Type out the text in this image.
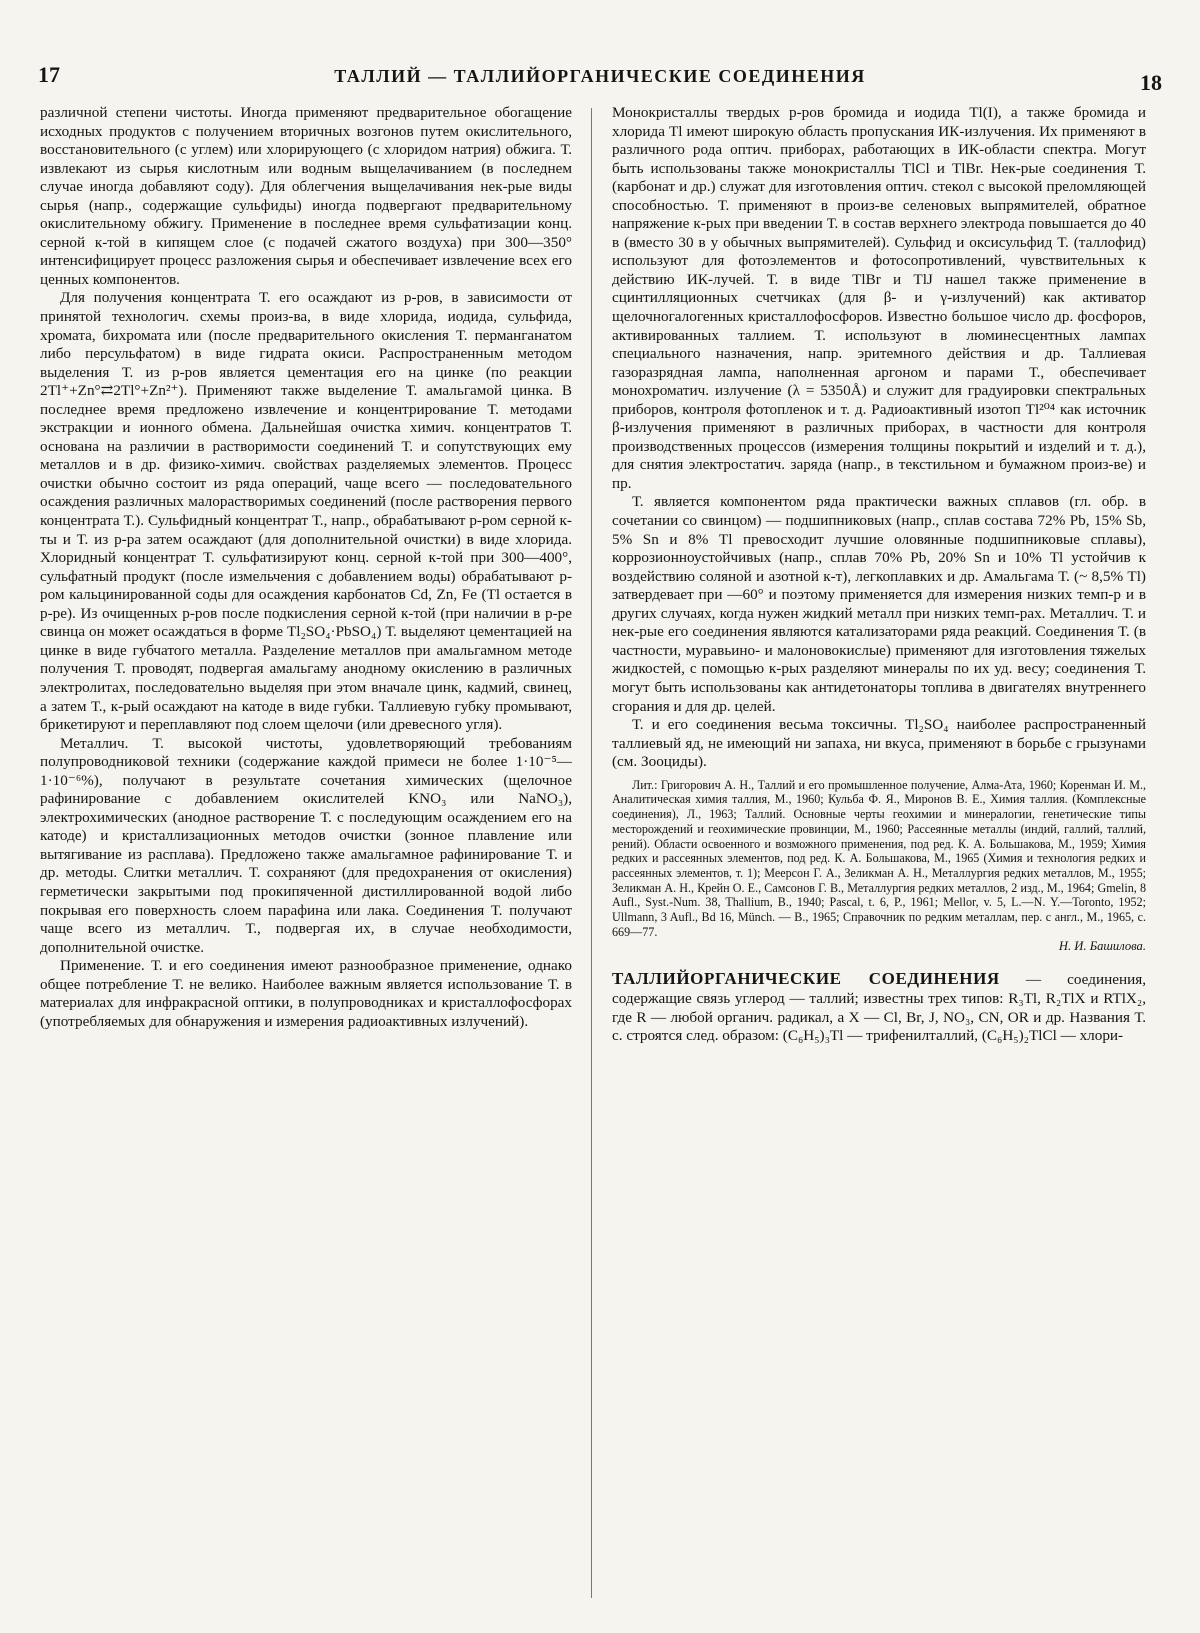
17	ТАЛЛИЙ — ТАЛЛИЙОРГАНИЧЕСКИЕ СОЕДИНЕНИЯ	18

различной степени чистоты. Иногда применяют предварительное обогащение исходных продуктов с получением вторичных возгонов путем окислительного, восстановительного (с углем) или хлорирующего (с хлоридом натрия) обжига. Т. извлекают из сырья кислотным или водным выщелачиванием (в последнем случае иногда добавляют соду). Для облегчения выщелачивания нек-рые виды сырья (напр., содержащие сульфиды) иногда подвергают предварительному окислительному обжигу. Применение в последнее время сульфатизации конц. серной к-той в кипящем слое (с подачей сжатого воздуха) при 300—350° интенсифицирует процесс разложения сырья и обеспечивает извлечение всех его ценных компонентов.

Для получения концентрата Т. его осаждают из р-ров, в зависимости от принятой технологич. схемы произ-ва, в виде хлорида, иодида, сульфида, хромата, бихромата или (после предварительного окисления Т. перманганатом либо персульфатом) в виде гидрата окиси. Распространенным методом выделения Т. из р-ров является цементация его на цинке (по реакции 2Tl⁺+Zn°⇄2Tl°+Zn²⁺). Применяют также выделение Т. амальгамой цинка. В последнее время предложено извлечение и концентрирование Т. методами экстракции и ионного обмена. Дальнейшая очистка химич. концентратов Т. основана на различии в растворимости соединений Т. и сопутствующих ему металлов и в др. физико-химич. свойствах разделяемых элементов. Процесс очистки обычно состоит из ряда операций, чаще всего — последовательного осаждения различных малорастворимых соединений (после растворения первого концентрата Т.). Сульфидный концентрат Т., напр., обрабатывают р-ром серной к-ты и Т. из р-ра затем осаждают (для дополнительной очистки) в виде хлорида. Хлоридный концентрат Т. сульфатизируют конц. серной к-той при 300—400°, сульфатный продукт (после измельчения с добавлением воды) обрабатывают р-ром кальцинированной соды для осаждения карбонатов Cd, Zn, Fe (Tl остается в р-ре). Из очищенных р-ров после подкисления серной к-той (при наличии в р-ре свинца он может осаждаться в форме Tl₂SO₄·PbSO₄) Т. выделяют цементацией на цинке в виде губчатого металла. Разделение металлов при амальгамном методе получения Т. проводят, подвергая амальгаму анодному окислению в различных электролитах, последовательно выделяя при этом вначале цинк, кадмий, свинец, а затем Т., к-рый осаждают на катоде в виде губки. Таллиевую губку промывают, брикетируют и переплавляют под слоем щелочи (или древесного угля).

Металлич. Т. высокой чистоты, удовлетворяющий требованиям полупроводниковой техники (содержание каждой примеси не более 1·10⁻⁵—1·10⁻⁶%), получают в результате сочетания химических (щелочное рафинирование с добавлением окислителей KNO₃ или NaNO₃), электрохимических (анодное растворение Т. с последующим осаждением его на катоде) и кристаллизационных методов очистки (зонное плавление или вытягивание из расплава). Предложено также амальгамное рафинирование Т. и др. методы. Слитки металлич. Т. сохраняют (для предохранения от окисления) герметически закрытыми под прокипяченной дистиллированной водой либо покрывая его поверхность слоем парафина или лака. Соединения Т. получают чаще всего из металлич. Т., подвергая их, в случае необходимости, дополнительной очистке.

Применение. Т. и его соединения имеют разнообразное применение, однако общее потребление Т. не велико. Наиболее важным является использование Т. в материалах для инфракрасной оптики, в полупроводниках и кристаллофосфорах (употребляемых для обнаружения и измерения радиоактивных излучений).

Монокристаллы твердых р-ров бромида и иодида Tl(I), а также бромида и хлорида Tl имеют широкую область пропускания ИК-излучения. Их применяют в различного рода оптич. приборах, работающих в ИК-области спектра. Могут быть использованы также монокристаллы TlCl и TlBr. Нек-рые соединения Т. (карбонат и др.) служат для изготовления оптич. стекол с высокой преломляющей способностью. Т. применяют в произ-ве селеновых выпрямителей, обратное напряжение к-рых при введении Т. в состав верхнего электрода повышается до 40 в (вместо 30 в у обычных выпрямителей). Сульфид и оксисульфид Т. (таллофид) используют для фотоэлементов и фотосопротивлений, чувствительных к действию ИК-лучей. Т. в виде TlBr и TlJ нашел также применение в сцинтилляционных счетчиках (для β- и γ-излучений) как активатор щелочногалогенных кристаллофосфоров. Известно большое число др. фосфоров, активированных таллием. Т. используют в люминесцентных лампах специального назначения, напр. эритемного действия и др. Таллиевая газоразрядная лампа, наполненная аргоном и парами Т., обеспечивает монохроматич. излучение (λ = 5350Å) и служит для градуировки спектральных приборов, контроля фотопленок и т. д. Радиоактивный изотоп Tl²⁰⁴ как источник β-излучения применяют в различных приборах, в частности для контроля производственных процессов (измерения толщины покрытий и изделий и т. д.), для снятия электростатич. заряда (напр., в текстильном и бумажном произ-ве) и пр.

Т. является компонентом ряда практически важных сплавов (гл. обр. в сочетании со свинцом) — подшипниковых (напр., сплав состава 72% Pb, 15% Sb, 5% Sn и 8% Tl превосходит лучшие оловянные подшипниковые сплавы), коррозионноустойчивых (напр., сплав 70% Pb, 20% Sn и 10% Tl устойчив к воздействию соляной и азотной к-т), легкоплавких и др. Амальгама Т. (~ 8,5% Tl) затвердевает при —60° и поэтому применяется для измерения низких темп-р и в других случаях, когда нужен жидкий металл при низких темп-рах. Металлич. Т. и нек-рые его соединения являются катализаторами ряда реакций. Соединения Т. (в частности, муравьино- и малоновокислые) применяют для изготовления тяжелых жидкостей, с помощью к-рых разделяют минералы по их уд. весу; соединения Т. могут быть использованы как антидетонаторы топлива в двигателях внутреннего сгорания и для др. целей.

Т. и его соединения весьма токсичны. Tl₂SO₄ наиболее распространенный таллиевый яд, не имеющий ни запаха, ни вкуса, применяют в борьбе с грызунами (см. Зооциды).

Лит.: Григорович А. Н., Таллий и его промышленное получение, Алма-Ата, 1960; Коренман И. М., Аналитическая химия таллия, М., 1960; Кульба Ф. Я., Миронов В. Е., Химия таллия. (Комплексные соединения), Л., 1963; Таллий. Основные черты геохимии и минералогии, генетические типы месторождений и геохимические провинции, М., 1960; Рассеянные металлы (индий, галлий, таллий, рений). Области освоенного и возможного применения, под ред. К. А. Большакова, М., 1959; Химия редких и рассеянных элементов, под ред. К. А. Большакова, М., 1965 (Химия и технология редких и рассеянных элементов, т. 1); Меерсон Г. А., Зеликман А. Н., Металлургия редких металлов, М., 1955; Зеликман А. Н., Крейн О. Е., Самсонов Г. В., Металлургия редких металлов, 2 изд., М., 1964; Gmelin, 8 Aufl., Syst.-Num. 38, Thallium, B., 1940; Pascal, t. 6, P., 1961; Mellor, v. 5, L.—N. Y.—Toronto, 1952; Ullmann, 3 Aufl., Bd 16, Münch. — B., 1965; Справочник по редким металлам, пер. с англ., М., 1965, с. 669—77.

Н. И. Башилова.

ТАЛЛИЙОРГАНИЧЕСКИЕ СОЕДИНЕНИЯ — соединения, содержащие связь углерод — таллий; известны трех типов: R₃Tl, R₂TlX и RTlX₂, где R — любой органич. радикал, а X — Cl, Br, J, NO₃, CN, OR и др. Названия Т. с. строятся след. образом: (C₆H₅)₃Tl — трифенилталлий, (C₆H₅)₂TlCl — хлори-
